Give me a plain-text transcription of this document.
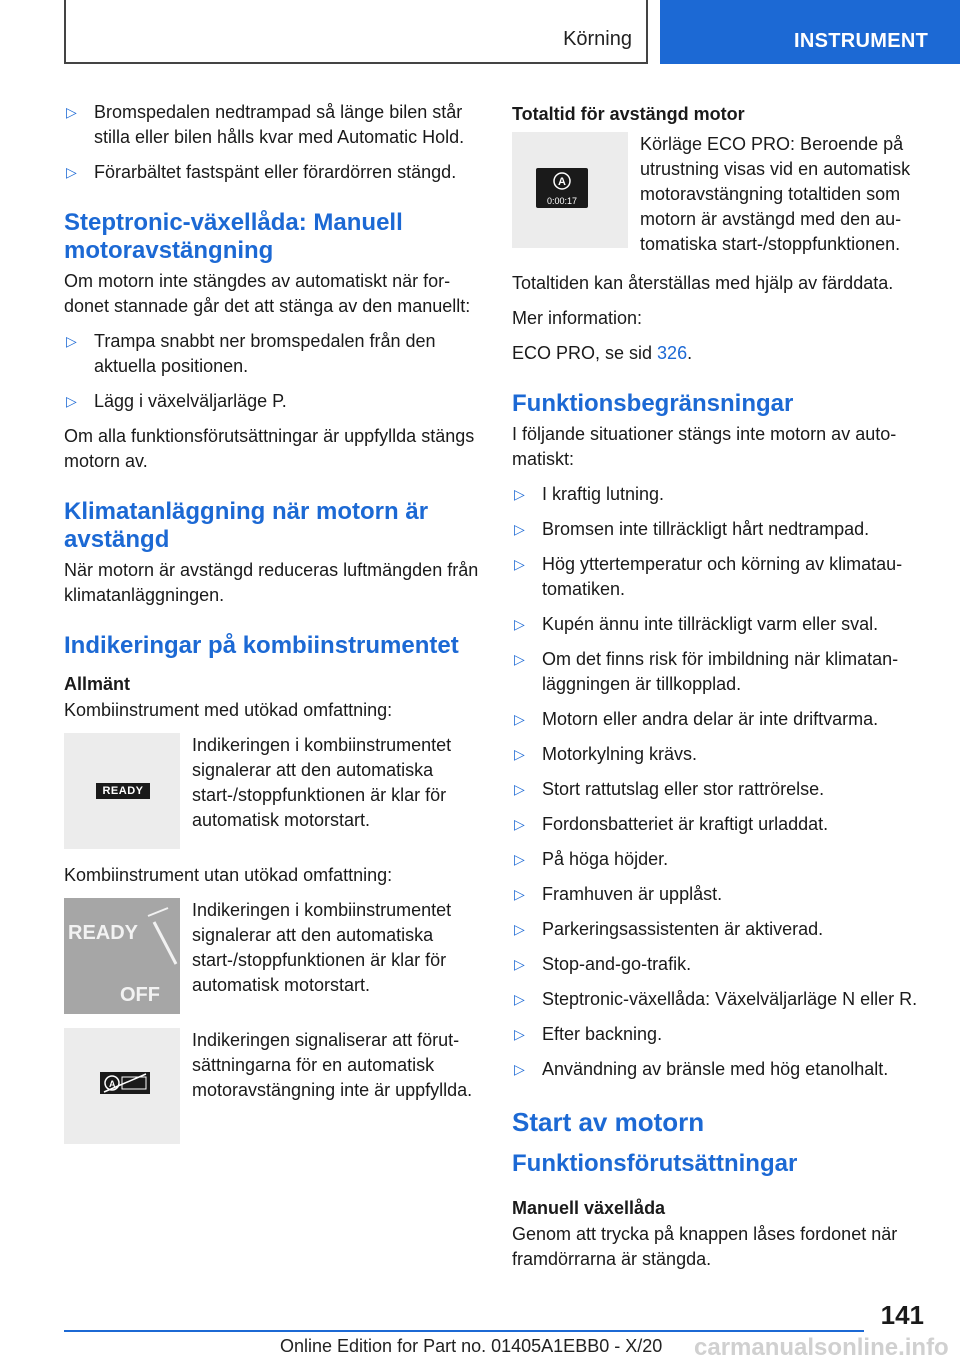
Körning	INSTRUMENT
▷ Bromspedalen nedtrampad så länge bilen står stilla eller bilen hålls kvar med Automatic Hold.
▷ Förarbältet fastspänt eller förardörren stängd.
Steptronic-växellåda: Manuell motoravstängning
Om motorn inte stängdes av automatiskt när fordonet stannade går det att stänga av den manuellt:
▷ Trampa snabbt ner bromspedalen från den aktuella positionen.
▷ Lägg i växelväljarläge P.
Om alla funktionsförutsättningar är uppfyllda stängs motorn av.
Klimatanläggning när motorn är avstängd
När motorn är avstängd reduceras luftmängden från klimatanläggningen.
Indikeringar på kombiinstrumentet
Allmänt
Kombiinstrument med utökad omfattning:
READY
Indikeringen i kombiinstrumentet signalerar att den automatiska start-/stoppfunktionen är klar för automatisk motorstart.
Kombiinstrument utan utökad omfattning:
READY
OFF
Indikeringen i kombiinstrumentet signalerar att den automatiska start-/stoppfunktionen är klar för automatisk motorstart.
A
Indikeringen signaliserar att förutsättningarna för en automatisk motoravstängning inte är uppfyllda.
Totaltid för avstängd motor
A
0:00:17
Körläge ECO PRO: Beroende på utrustning visas vid en automatisk motoravstängning totaltiden som motorn är avstängd med den automatiska start-/stoppfunktionen.
Totaltiden kan återställas med hjälp av färddata.
Mer information:
ECO PRO, se sid 326.
Funktionsbegränsningar
I följande situationer stängs inte motorn av automatiskt:
▷ I kraftig lutning.
▷ Bromsen inte tillräckligt hårt nedtrampad.
▷ Hög yttertemperatur och körning av klimatautomatiken.
▷ Kupén ännu inte tillräckligt varm eller sval.
▷ Om det finns risk för imbildning när klimatanläggningen är tillkopplad.
▷ Motorn eller andra delar är inte driftvarma.
▷ Motorkylning krävs.
▷ Stort rattutslag eller stor rattrörelse.
▷ Fordonsbatteriet är kraftigt urladdat.
▷ På höga höjder.
▷ Framhuven är upplåst.
▷ Parkeringsassistenten är aktiverad.
▷ Stop-and-go-trafik.
▷ Steptronic-växellåda: Växelväljarläge N eller R.
▷ Efter backning.
▷ Användning av bränsle med hög etanolhalt.
Start av motorn
Funktionsförutsättningar
Manuell växellåda
Genom att trycka på knappen låses fordonet när framdörrarna är stängda.
141
Online Edition for Part no. 01405A1EBB0 - X/20 carmanualsonline.info
